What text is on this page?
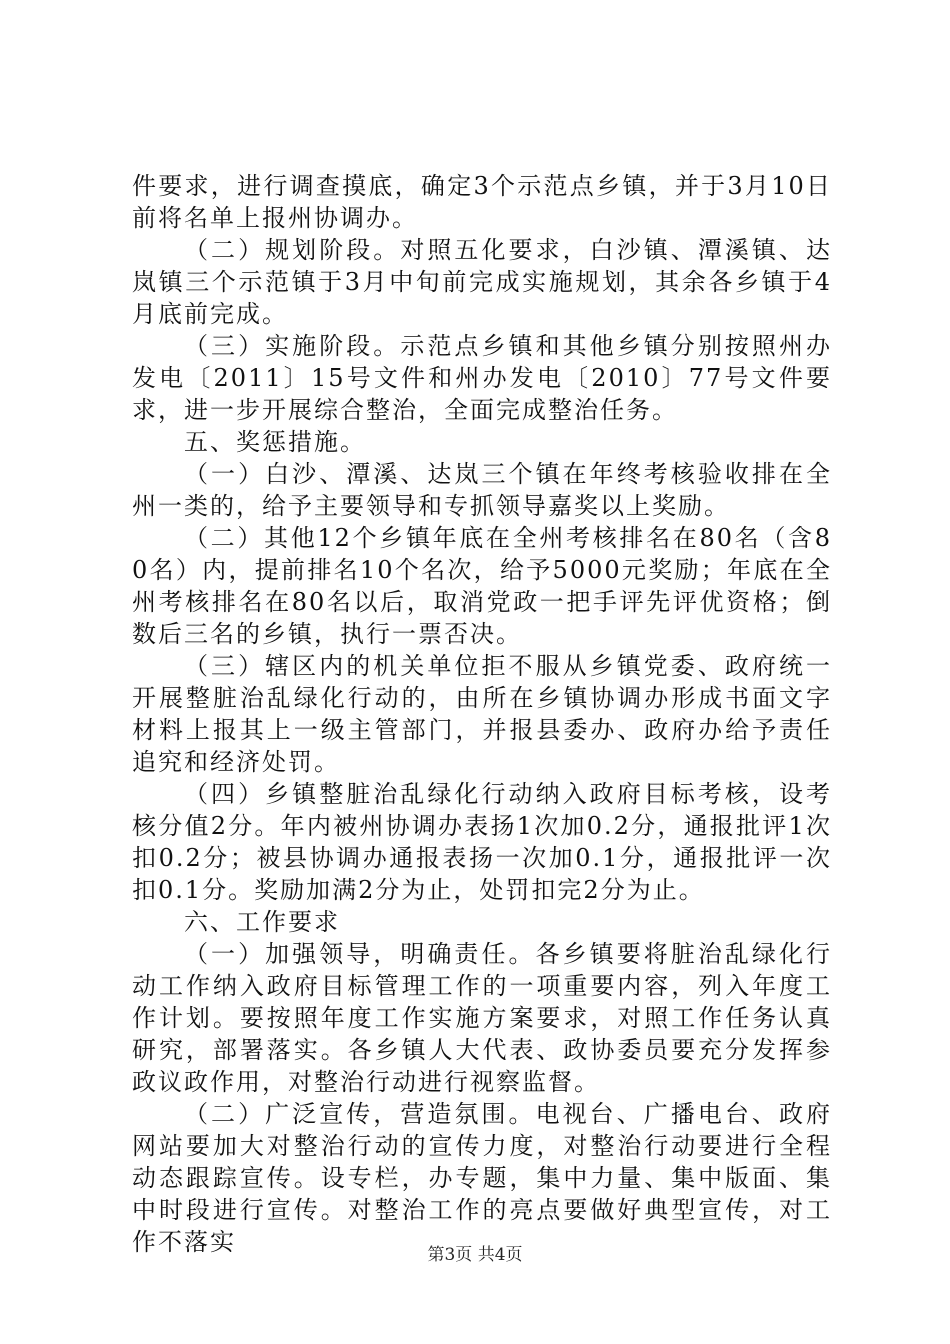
件要求，进行调查摸底，确定3个示范点乡镇，并于3月10日前将名单上报州协调办。

（二）规划阶段。对照五化要求，白沙镇、潭溪镇、达岚镇三个示范镇于3月中旬前完成实施规划，其余各乡镇于4月底前完成。

（三）实施阶段。示范点乡镇和其他乡镇分别按照州办发电〔2011〕15号文件和州办发电〔2010〕77号文件要求，进一步开展综合整治，全面完成整治任务。

五、奖惩措施。

（一）白沙、潭溪、达岚三个镇在年终考核验收排在全州一类的，给予主要领导和专抓领导嘉奖以上奖励。

（二）其他12个乡镇年底在全州考核排名在80名（含80名）内，提前排名10个名次，给予5000元奖励；年底在全州考核排名在80名以后，取消党政一把手评先评优资格；倒数后三名的乡镇，执行一票否决。

（三）辖区内的机关单位拒不服从乡镇党委、政府统一开展整脏治乱绿化行动的，由所在乡镇协调办形成书面文字材料上报其上一级主管部门，并报县委办、政府办给予责任追究和经济处罚。

（四）乡镇整脏治乱绿化行动纳入政府目标考核，设考核分值2分。年内被州协调办表扬1次加0.2分，通报批评1次扣0.2分；被县协调办通报表扬一次加0.1分，通报批评一次扣0.1分。奖励加满2分为止，处罚扣完2分为止。

六、工作要求

（一）加强领导，明确责任。各乡镇要将脏治乱绿化行动工作纳入政府目标管理工作的一项重要内容，列入年度工作计划。要按照年度工作实施方案要求，对照工作任务认真研究，部署落实。各乡镇人大代表、政协委员要充分发挥参政议政作用，对整治行动进行视察监督。

（二）广泛宣传，营造氛围。电视台、广播电台、政府网站要加大对整治行动的宣传力度，对整治行动要进行全程动态跟踪宣传。设专栏，办专题，集中力量、集中版面、集中时段进行宣传。对整治工作的亮点要做好典型宣传，对工作不落实	第3页 共4页
